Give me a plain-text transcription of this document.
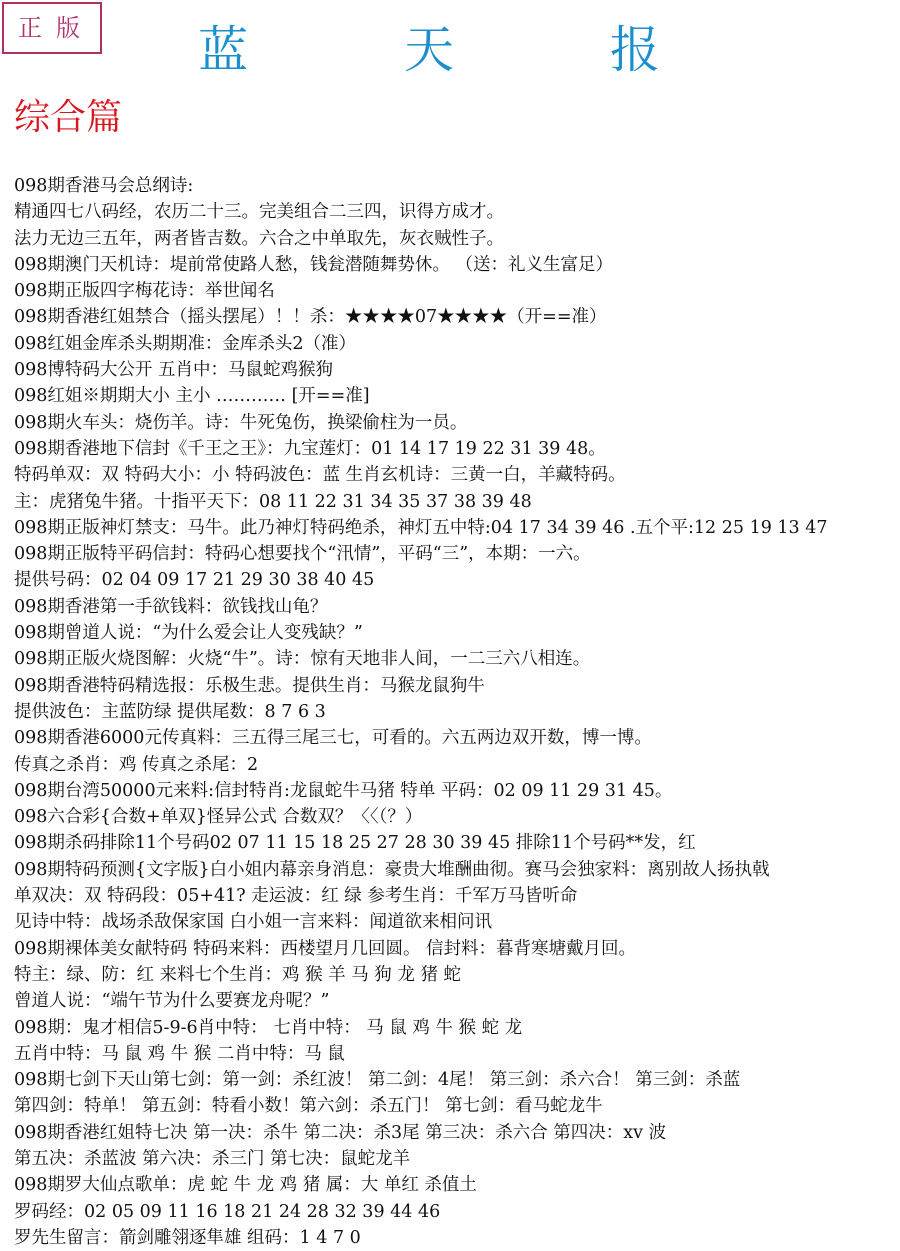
正版	蓝 天 报
综合篇
098期香港马会总纲诗:
精通四七八码经，农历二十三。完美组合二三四，识得方成才。
法力无边三五年，两者皆吉数。六合之中单取先，灰衣贼性子。
098期澳门天机诗：堤前常使路人愁，钱瓮潜随舞势休。 （送：礼义生富足）
098期正版四字梅花诗：举世闻名
098期香港红姐禁合（摇头摆尾）！！杀：★★★★07★★★★（开==准）
098红姐金库杀头期期准：金库杀头2（准）
098博特码大公开 五肖中：马鼠蛇鸡猴狗
098红姐※期期大小 主小 ………… [开==准]
098期火车头：烧伤羊。诗：牛死兔伤，换梁偷柱为一员。
098期香港地下信封《千王之王》：九宝莲灯：01 14 17 19 22 31 39 48。
特码单双：双 特码大小：小 特码波色：蓝 生肖玄机诗：三黄一白，羊藏特码。
主：虎猪兔牛猪。十指平天下：08 11 22 31 34 35 37 38 39 48
098期正版神灯禁支：马牛。此乃神灯特码绝杀，神灯五中特:04 17 34 39 46 .五个平:12 25 19 13 47
098期正版特平码信封：特码心想要找个“汛情”，平码“三”，本期：一六。
提供号码：02 04 09 17 21 29 30 38 40 45
098期香港第一手欲钱料：欲钱找山龟？
098期曾道人说：“为什么爱会让人变残缺？”
098期正版火烧图解：火烧“牛”。诗：惊有天地非人间，一二三六八相连。
098期香港特码精选报：乐极生悲。提供生肖：马猴龙鼠狗牛
提供波色：主蓝防绿 提供尾数：8 7 6 3
098期香港6000元传真料：三五得三尾三七，可看的。六五两边双开数，博一博。
传真之杀肖：鸡 传真之杀尾：2
098期台湾50000元来料:信封特肖:龙鼠蛇牛马猪 特单 平码：02 09 11 29 31 45。
098六合彩{合数+单双}怪异公式 合数双？〈〈（？）
098期杀码排除11个号码02 07 11 15 18 25 27 28 30 39 45 排除11个号码**发，红
098期特码预测{文字版}白小姐内幕亲身消息：豪贵大堆酬曲彻。赛马会独家料：离别故人扬执戟
单双决：双 特码段：05+41? 走运波：红 绿 参考生肖：千军万马皆听命
见诗中特：战场杀敌保家国 白小姐一言来料：闻道欲来相问讯
098期裸体美女献特码 特码来料：西楼望月几回圆。 信封料：暮背寒塘戴月回。
特主：绿、防：红 来料七个生肖：鸡 猴 羊 马 狗 龙 猪 蛇
曾道人说：“端午节为什么要赛龙舟呢？”
098期：鬼才相信5-9-6肖中特： 七肖中特： 马 鼠 鸡 牛 猴 蛇 龙
五肖中特：马 鼠 鸡 牛 猴 二肖中特：马 鼠
098期七剑下天山第七剑：第一剑：杀红波！ 第二剑：4尾！ 第三剑：杀六合！ 第三剑：杀蓝
第四剑：特单！ 第五剑：特看小数！第六剑：杀五门！ 第七剑：看马蛇龙牛
098期香港红姐特七决 第一决：杀牛 第二决：杀3尾 第三决：杀六合 第四决：xv 波
第五决：杀蓝波 第六决：杀三门 第七决：鼠蛇龙羊
098期罗大仙点歌单：虎 蛇 牛 龙 鸡 猪 属：大 单红 杀值土
罗码经：02 05 09 11 16 18 21 24 28 32 39 44 46
罗先生留言：箭剑雕翎逐隼雄 组码：1 4 7 0
